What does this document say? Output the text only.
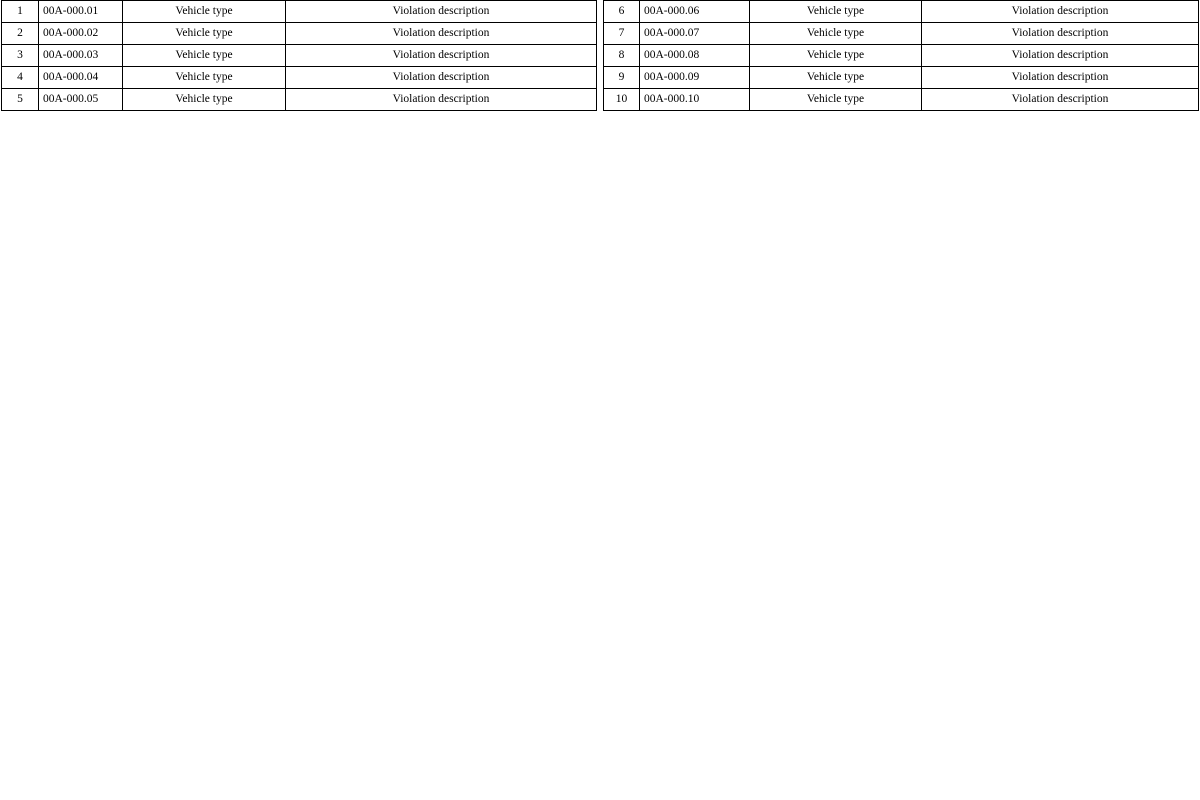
1	00A-000.01	Vehicle type	Violation description
2	00A-000.02	Vehicle type	Violation description
3	00A-000.03	Vehicle type	Violation description
4	00A-000.04	Vehicle type	Violation description
5	00A-000.05	Vehicle type	Violation description
6	00A-000.06	Vehicle type	Violation description
7	00A-000.07	Vehicle type	Violation description
8	00A-000.08	Vehicle type	Violation description
9	00A-000.09	Vehicle type	Violation description
10	00A-000.10	Vehicle type	Violation description
